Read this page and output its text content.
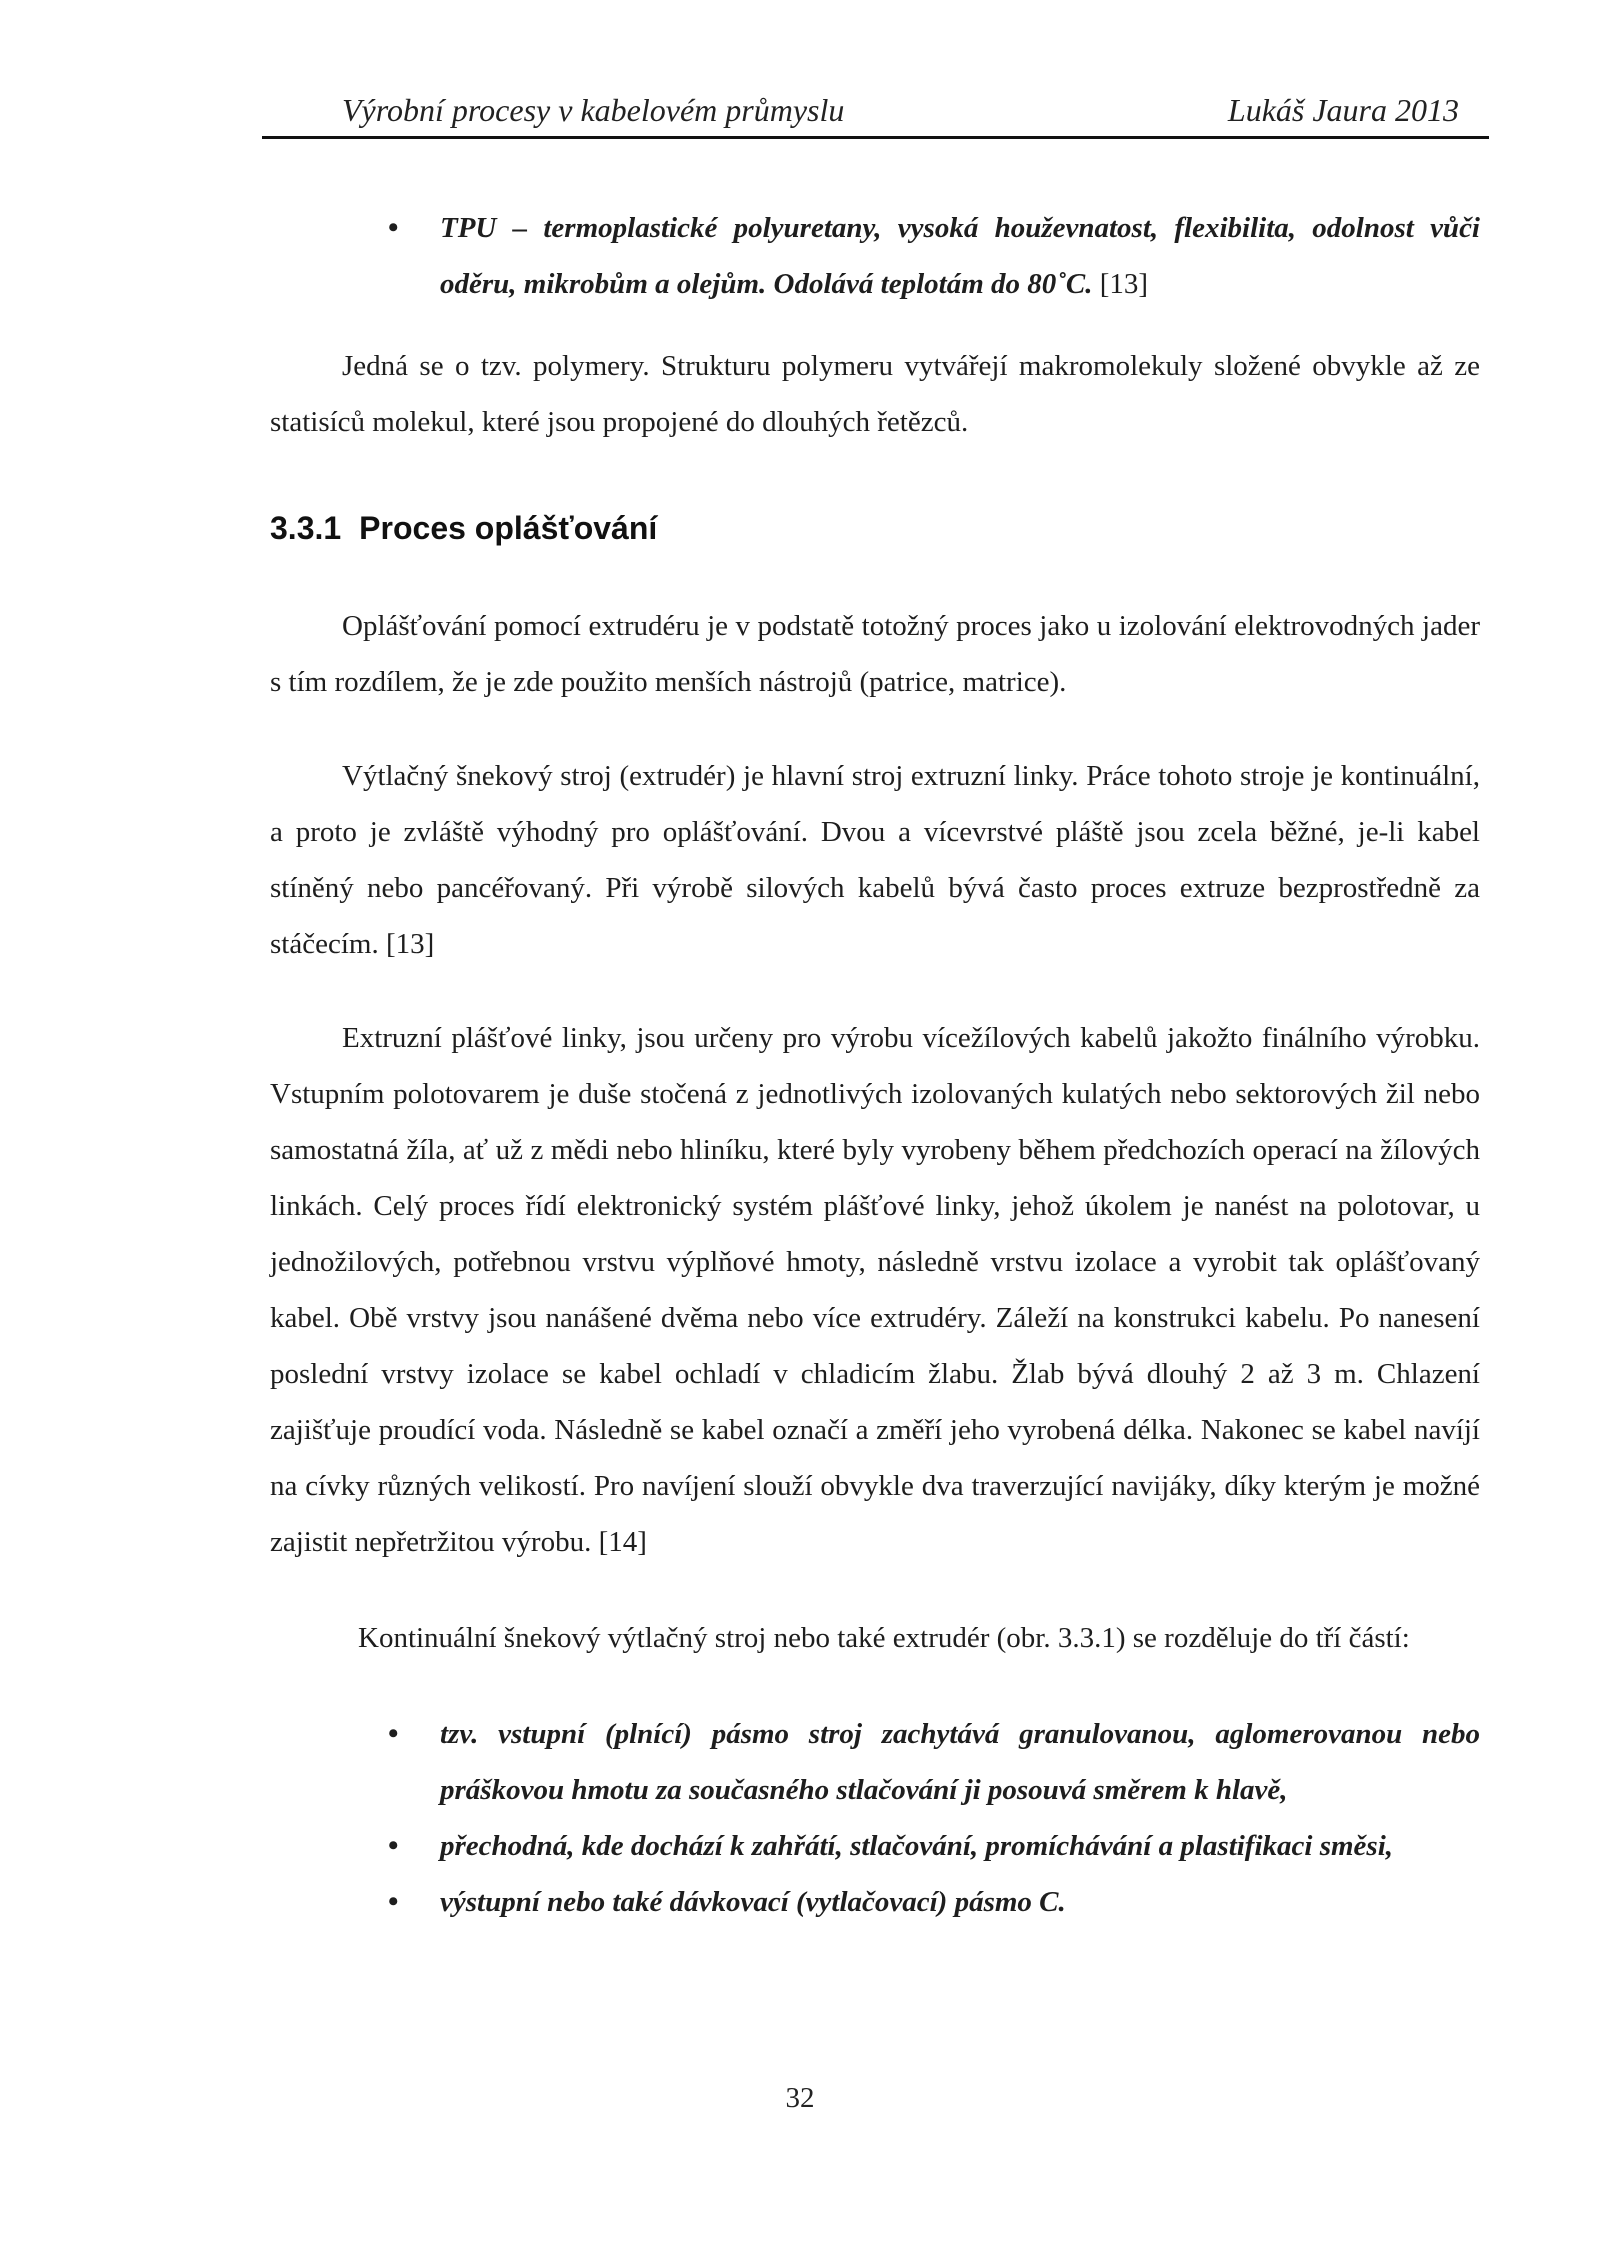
Výrobní procesy v kabelovém průmyslu	Lukáš Jaura 2013
• TPU – termoplastické polyuretany, vysoká houževnatost, flexibilita, odolnost vůči oděru, mikrobům a olejům. Odolává teplotám do 80˚C. [13]

Jedná se o tzv. polymery. Strukturu polymeru vytvářejí makromolekuly složené obvykle až ze statisíců molekul, které jsou propojené do dlouhých řetězců.

3.3.1 Proces oplášťování

Oplášťování pomocí extrudéru je v podstatě totožný proces jako u izolování elektrovodných jader s tím rozdílem, že je zde použito menších nástrojů (patrice, matrice).

Výtlačný šnekový stroj (extrudér) je hlavní stroj extruzní linky. Práce tohoto stroje je kontinuální, a proto je zvláště výhodný pro oplášťování. Dvou a vícevrstvé pláště jsou zcela běžné, je-li kabel stíněný nebo pancéřovaný. Při výrobě silových kabelů bývá často proces extruze bezprostředně za stáčecím. [13]

Extruzní plášťové linky, jsou určeny pro výrobu vícežílových kabelů jakožto finálního výrobku. Vstupním polotovarem je duše stočená z jednotlivých izolovaných kulatých nebo sektorových žil nebo samostatná žíla, ať už z mědi nebo hliníku, které byly vyrobeny během předchozích operací na žílových linkách. Celý proces řídí elektronický systém plášťové linky, jehož úkolem je nanést na polotovar, u jednožilových, potřebnou vrstvu výplňové hmoty, následně vrstvu izolace a vyrobit tak oplášťovaný kabel. Obě vrstvy jsou nanášené dvěma nebo více extrudéry. Záleží na konstrukci kabelu. Po nanesení poslední vrstvy izolace se kabel ochladí v chladicím žlabu. Žlab bývá dlouhý 2 až 3 m. Chlazení zajišťuje proudící voda. Následně se kabel označí a změří jeho vyrobená délka. Nakonec se kabel navíjí na cívky různých velikostí. Pro navíjení slouží obvykle dva traverzující navijáky, díky kterým je možné zajistit nepřetržitou výrobu. [14]

Kontinuální šnekový výtlačný stroj nebo také extrudér (obr. 3.3.1) se rozděluje do tří částí:

• tzv. vstupní (plnící) pásmo stroj zachytává granulovanou, aglomerovanou nebo práškovou hmotu za současného stlačování ji posouvá směrem k hlavě,
• přechodná, kde dochází k zahřátí, stlačování, promíchávání a plastifikaci směsi,
• výstupní nebo také dávkovací (vytlačovací) pásmo C.
32
